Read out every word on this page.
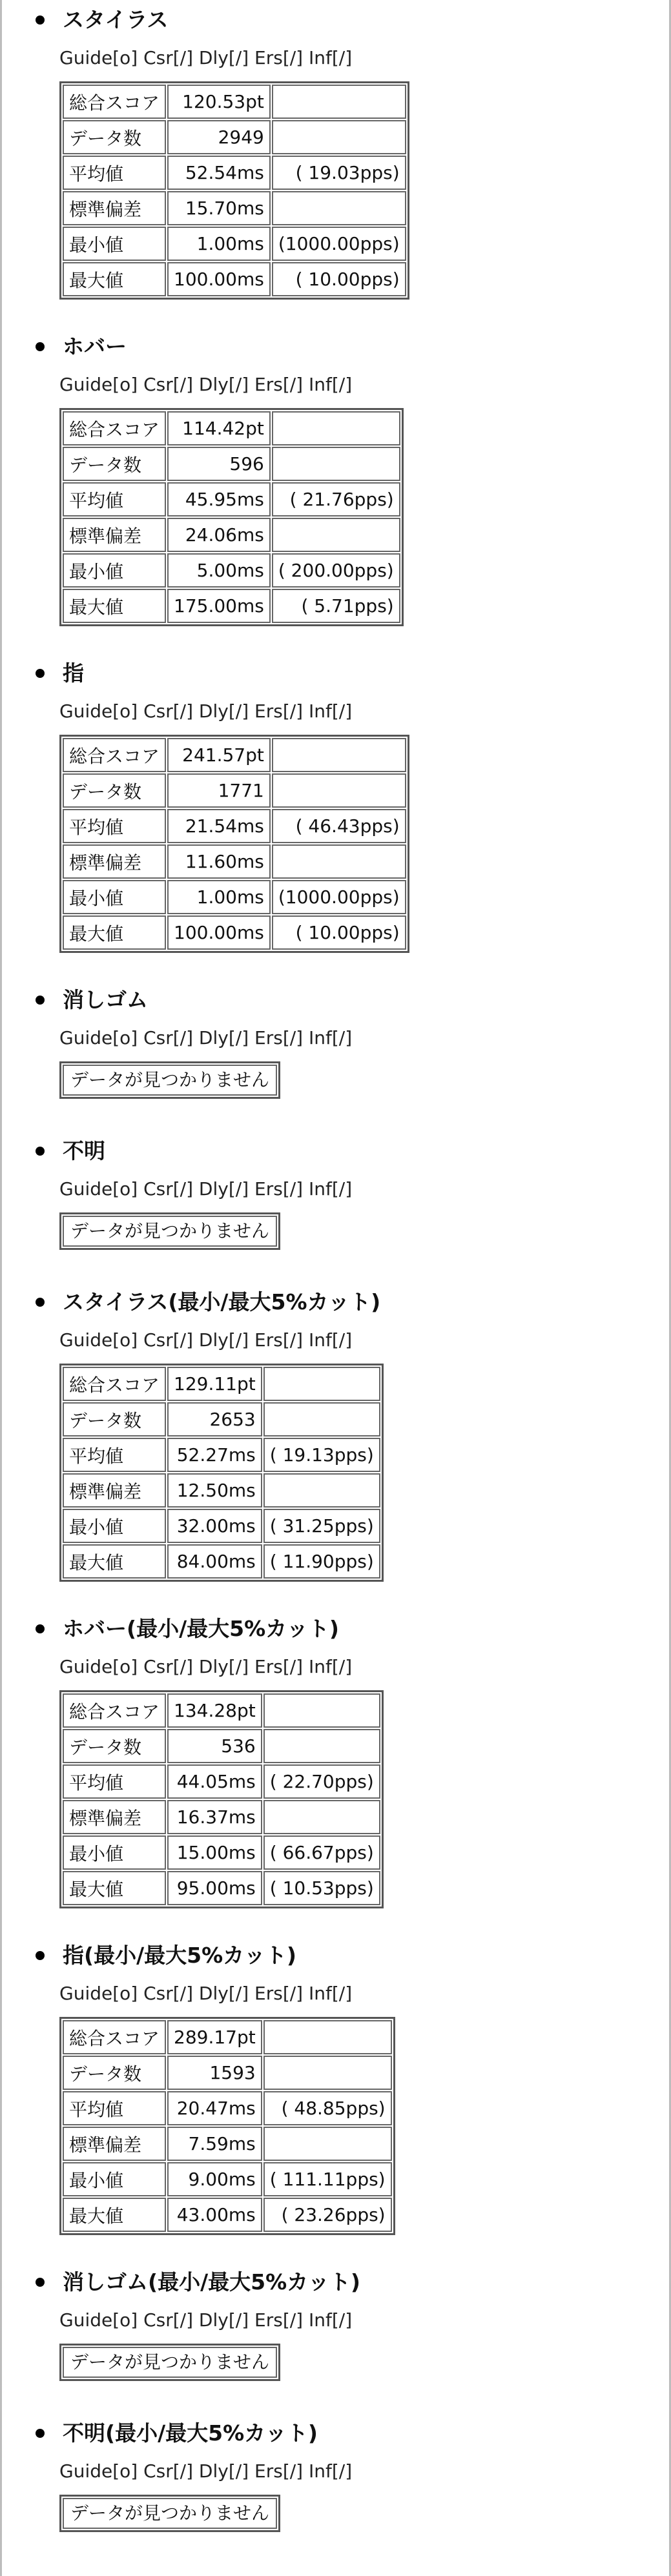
スタイラス
Guide[o] Csr[/] Dly[/] Ers[/] Inf[/]
総合スコア	120.53pt	
データ数	2949	
平均値	52.54ms	( 19.03pps)
標準偏差	15.70ms	
最小値	1.00ms	(1000.00pps)
最大値	100.00ms	( 10.00pps)
ホバー
Guide[o] Csr[/] Dly[/] Ers[/] Inf[/]
総合スコア	114.42pt	
データ数	596	
平均値	45.95ms	( 21.76pps)
標準偏差	24.06ms	
最小値	5.00ms	( 200.00pps)
最大値	175.00ms	( 5.71pps)
指
Guide[o] Csr[/] Dly[/] Ers[/] Inf[/]
総合スコア	241.57pt	
データ数	1771	
平均値	21.54ms	( 46.43pps)
標準偏差	11.60ms	
最小値	1.00ms	(1000.00pps)
最大値	100.00ms	( 10.00pps)
消しゴム
Guide[o] Csr[/] Dly[/] Ers[/] Inf[/]
データが見つかりません
不明
Guide[o] Csr[/] Dly[/] Ers[/] Inf[/]
データが見つかりません
スタイラス(最小/最大5%カット)
Guide[o] Csr[/] Dly[/] Ers[/] Inf[/]
総合スコア	129.11pt	
データ数	2653	
平均値	52.27ms	( 19.13pps)
標準偏差	12.50ms	
最小値	32.00ms	( 31.25pps)
最大値	84.00ms	( 11.90pps)
ホバー(最小/最大5%カット)
Guide[o] Csr[/] Dly[/] Ers[/] Inf[/]
総合スコア	134.28pt	
データ数	536	
平均値	44.05ms	( 22.70pps)
標準偏差	16.37ms	
最小値	15.00ms	( 66.67pps)
最大値	95.00ms	( 10.53pps)
指(最小/最大5%カット)
Guide[o] Csr[/] Dly[/] Ers[/] Inf[/]
総合スコア	289.17pt	
データ数	1593	
平均値	20.47ms	( 48.85pps)
標準偏差	7.59ms	
最小値	9.00ms	( 111.11pps)
最大値	43.00ms	( 23.26pps)
消しゴム(最小/最大5%カット)
Guide[o] Csr[/] Dly[/] Ers[/] Inf[/]
データが見つかりません
不明(最小/最大5%カット)
Guide[o] Csr[/] Dly[/] Ers[/] Inf[/]
データが見つかりません
